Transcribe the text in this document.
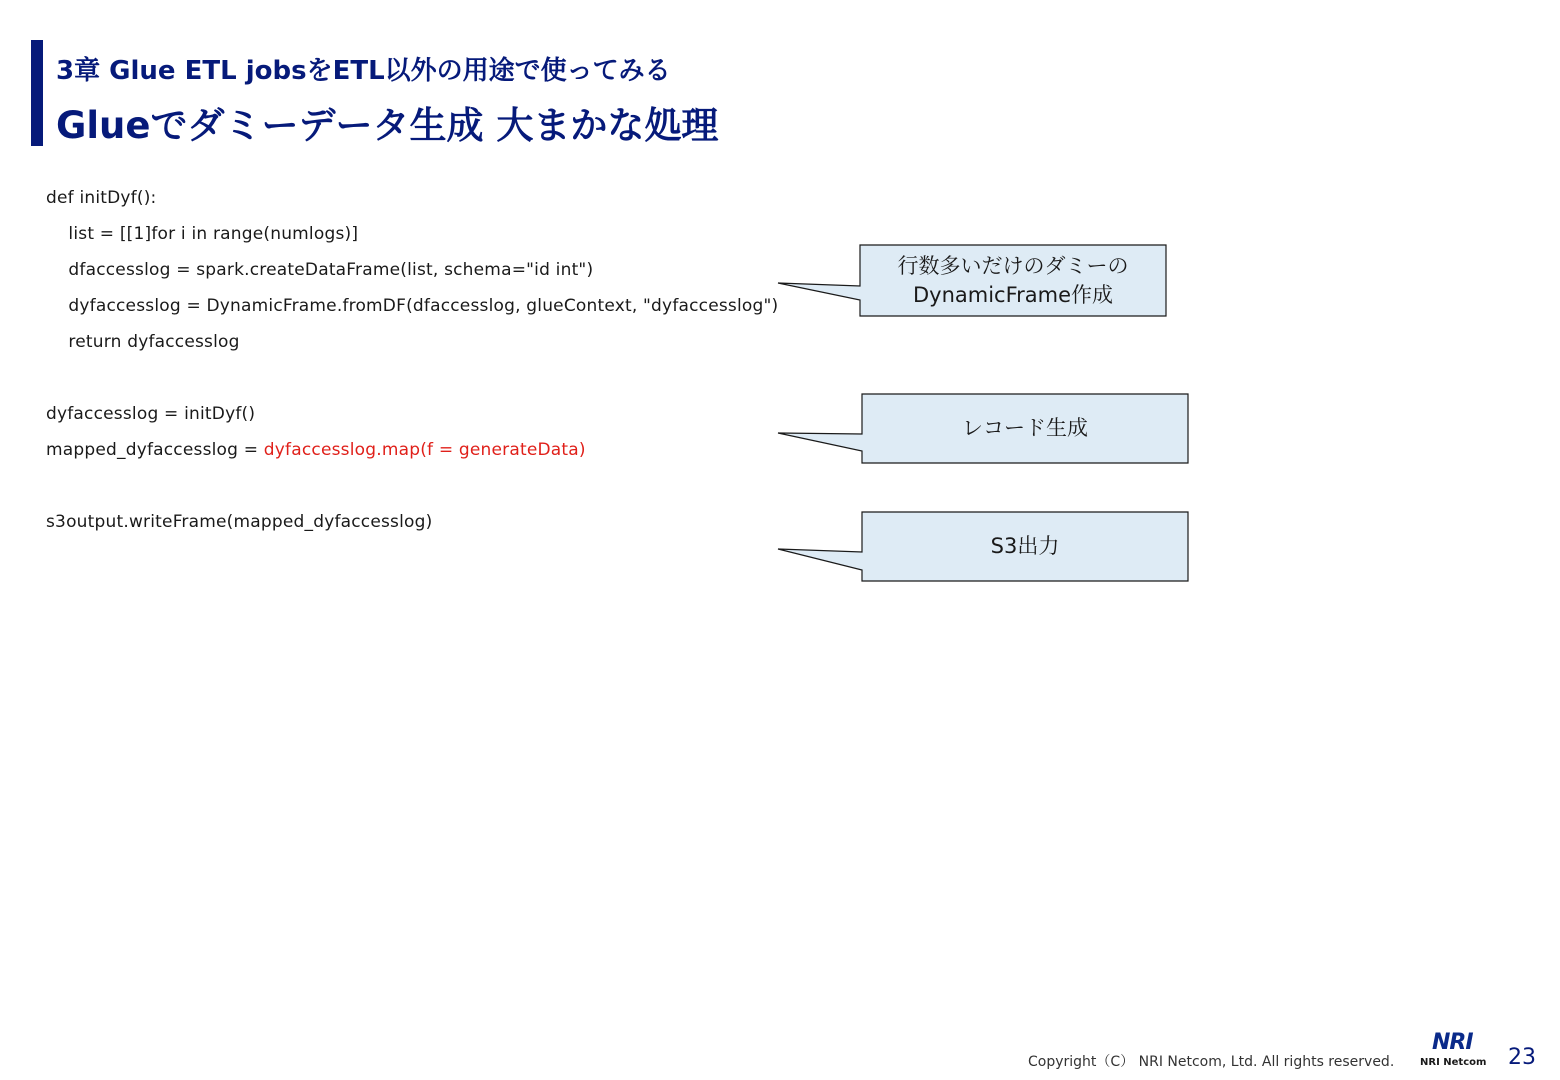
3章 Glue ETL jobsをETL以外の用途で使ってみる
Glueでダミーデータ生成 大まかな処理
def initDyf():
list = [[1]for i in range(numlogs)]
dfaccesslog = spark.createDataFrame(list, schema="id int")
dyfaccesslog = DynamicFrame.fromDF(dfaccesslog, glueContext, "dyfaccesslog")
return dyfaccesslog
dyfaccesslog = initDyf()
mapped_dyfaccesslog = dyfaccesslog.map(f = generateData)
s3output.writeFrame(mapped_dyfaccesslog)
行数多いだけのダミーの
DynamicFrame作成
レコード生成
S3出力
Copyright（C） NRI Netcom, Ltd. All rights reserved.
NRI
NRI Netcom 23
